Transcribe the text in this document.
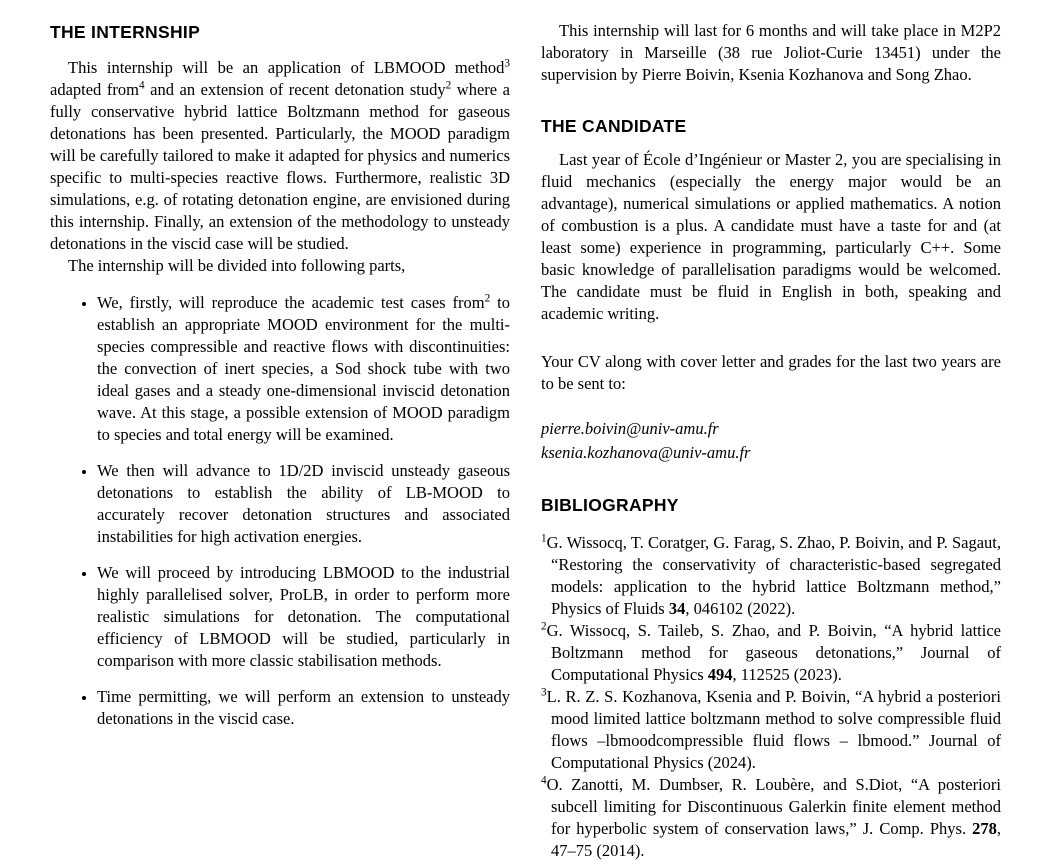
THE INTERNSHIP

This internship will be an application of LBMOOD method$^3$ adapted from$^4$ and an extension of recent detonation study$^2$ where a fully conservative hybrid lattice Boltzmann method for gaseous detonations has been presented. Particularly, the MOOD paradigm will be carefully tailored to make it adapted for physics and numerics specific to multi-species reactive flows. Furthermore, realistic 3D simulations, e.g. of rotating detonation engine, are envisioned during this internship. Finally, an extension of the methodology to unsteady detonations in the viscid case will be studied.

The internship will be divided into following parts,

• We, firstly, will reproduce the academic test cases from$^2$ to establish an appropriate MOOD environment for the multi-species compressible and reactive flows with discontinuities: the convection of inert species, a Sod shock tube with two ideal gases and a steady one-dimensional inviscid detonation wave. At this stage, a possible extension of MOOD paradigm to species and total energy will be examined.
• We then will advance to 1D/2D inviscid unsteady gaseous detonations to establish the ability of LB-MOOD to accurately recover detonation structures and associated instabilities for high activation energies.
• We will proceed by introducing LBMOOD to the industrial highly parallelised solver, ProLB, in order to perform more realistic simulations for detonation. The computational efficiency of LBMOOD will be studied, particularly in comparison with more classic stabilisation methods.
• Time permitting, we will perform an extension to unsteady detonations in the viscid case.

This internship will last for 6 months and will take place in M2P2 laboratory in Marseille (38 rue Joliot-Curie 13451) under the supervision by Pierre Boivin, Ksenia Kozhanova and Song Zhao.

THE CANDIDATE

Last year of École d’Ingénieur or Master 2, you are specialising in fluid mechanics (especially the energy major would be an advantage), numerical simulations or applied mathematics. A notion of combustion is a plus. A candidate must have a taste for and (at least some) experience in programming, particularly C++. Some basic knowledge of parallelisation paradigms would be welcomed. The candidate must be fluid in English in both, speaking and academic writing.

Your CV along with cover letter and grades for the last two years are to be sent to:

pierre.boivin@univ-amu.fr
ksenia.kozhanova@univ-amu.fr
BIBLIOGRAPHY

$^1$G. Wissocq, T. Coratger, G. Farag, S. Zhao, P. Boivin, and P. Sagaut, “Restoring the conservativity of characteristic-based segregated models: application to the hybrid lattice Boltzmann method,” Physics of Fluids 34, 046102 (2022).

$^2$G. Wissocq, S. Taileb, S. Zhao, and P. Boivin, “A hybrid lattice Boltzmann method for gaseous detonations,” Journal of Computational Physics 494, 112525 (2023).

$^3$L. R. Z. S. Kozhanova, Ksenia and P. Boivin, “A hybrid a posteriori mood limited lattice boltzmann method to solve compressible fluid flows –lbmoodcompressible fluid flows – lbmood.” Journal of Computational Physics (2024).

$^4$O. Zanotti, M. Dumbser, R. Loubère, and S.Diot, “A posteriori subcell limiting for Discontinuous Galerkin finite element method for hyperbolic system of conservation laws,” J. Comp. Phys. 278, 47–75 (2014).
